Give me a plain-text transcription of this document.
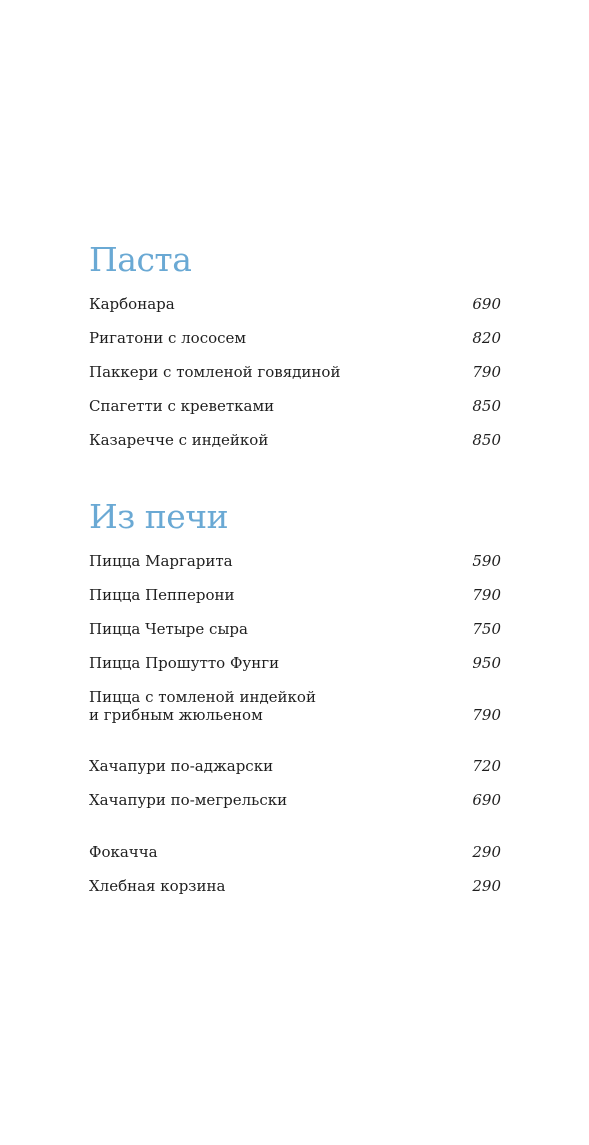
Паста
Карбонара	690
Ригатони с лососем	820
Паккери с томленой говядиной	790
Спагетти с креветками	850
Казаречче с индейкой	850
Из печи
Пицца Маргарита	590
Пицца Пепперони	790
Пицца Четыре сыра	750
Пицца Прошутто Фунги	950
Пицца с томленой индейкой
и грибным жюльеном	790
Хачапури по-аджарски	720
Хачапури по-мегрельски	690
Фокачча	290
Хлебная корзина	290
